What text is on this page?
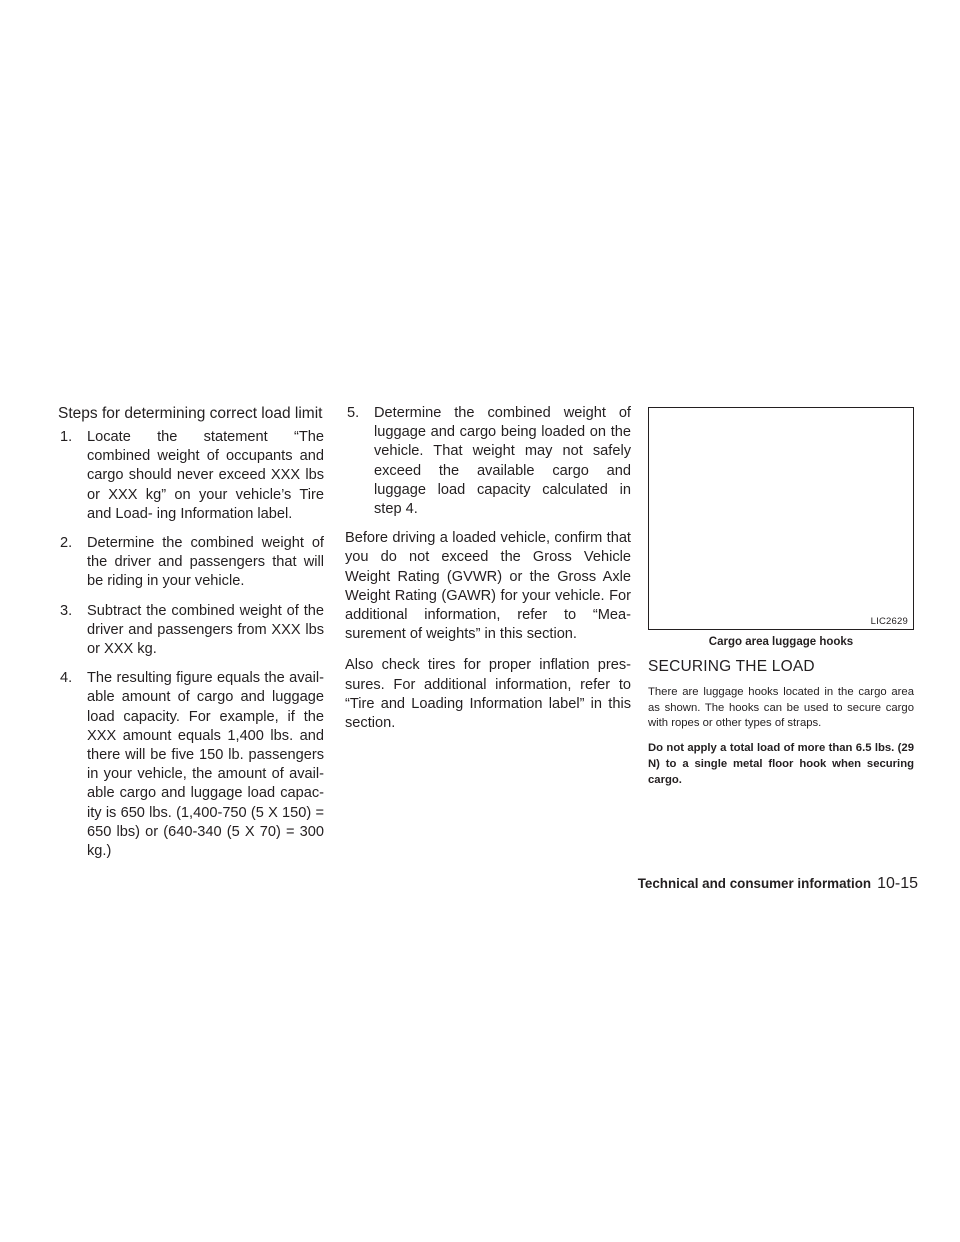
Steps for determining correct load limit
1. Locate the statement “The combined weight of occupants and cargo should never exceed XXX lbs or XXX kg” on your vehicle’s Tire and Load- ing Information label.
2. Determine the combined weight of the driver and passengers that will be riding in your vehicle.
3. Subtract the combined weight of the driver and passengers from XXX lbs or XXX kg.
4. The resulting figure equals the avail- able amount of cargo and luggage load capacity. For example, if the XXX amount equals 1,400 lbs. and there will be five 150 lb. passengers in your vehicle, the amount of avail- able cargo and luggage load capac- ity is 650 lbs. (1,400-750 (5 X 150) = 650 lbs) or (640-340 (5 X 70) = 300 kg.)
5. Determine the combined weight of luggage and cargo being loaded on the vehicle. That weight may not safely exceed the available cargo and luggage load capacity calculated in step 4.

Before driving a loaded vehicle, confirm that you do not exceed the Gross Vehicle Weight Rating (GVWR) or the Gross Axle Weight Rating (GAWR) for your vehicle. For additional information, refer to “Mea- surement of weights” in this section.

Also check tires for proper inflation pres- sures. For additional information, refer to “Tire and Loading Information label” in this section.

LIC2629
Cargo area luggage hooks
SECURING THE LOAD

There are luggage hooks located in the cargo area as shown. The hooks can be used to secure cargo with ropes or other types of straps.

Do not apply a total load of more than 6.5 lbs. (29 N) to a single metal floor hook when securing cargo.

Technical and consumer information 10-15
